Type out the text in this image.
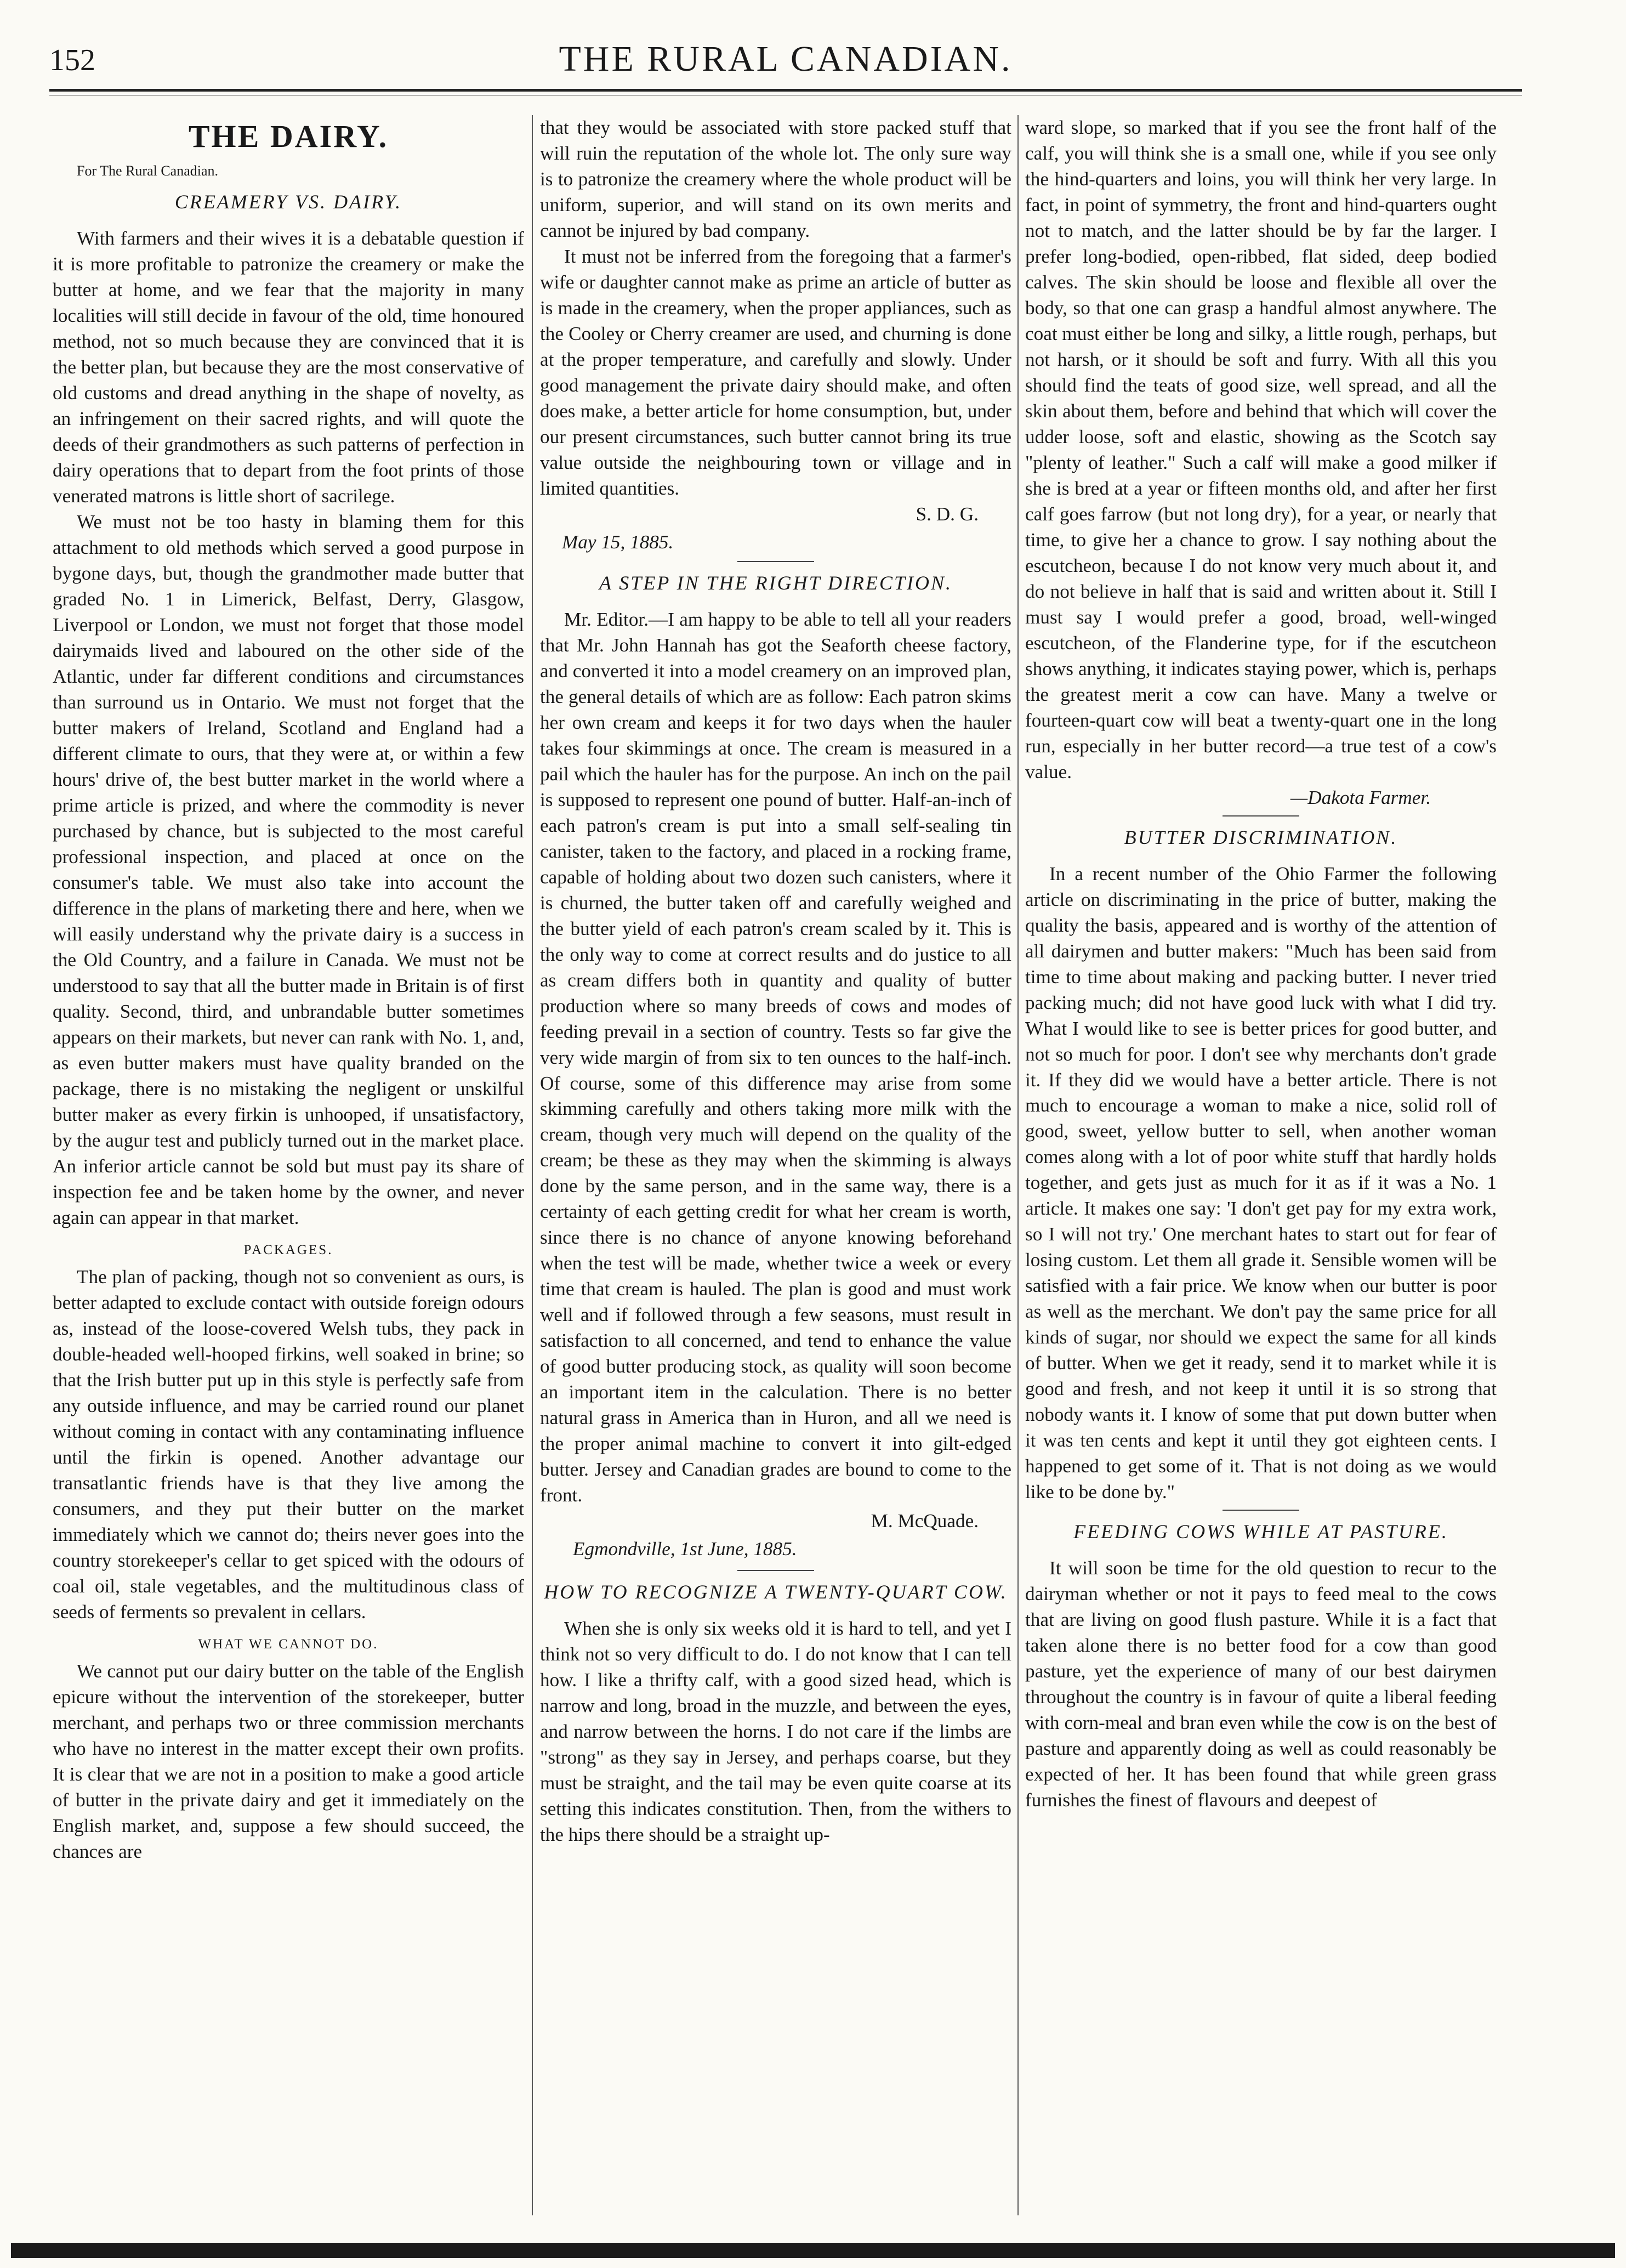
152	THE RURAL CANADIAN.
THE DAIRY.

For The Rural Canadian.

CREAMERY VS. DAIRY.

With farmers and their wives it is a debatable question if it is more profitable to patronize the creamery or make the butter at home, and we fear that the majority in many localities will still decide in favour of the old, time honoured method, not so much because they are convinced that it is the better plan, but because they are the most conservative of old customs and dread anything in the shape of novelty, as an infringement on their sacred rights, and will quote the deeds of their grandmothers as such patterns of perfection in dairy operations that to depart from the foot prints of those venerated matrons is little short of sacrilege.

We must not be too hasty in blaming them for this attachment to old methods which served a good purpose in bygone days, but, though the grandmother made butter that graded No. 1 in Limerick, Belfast, Derry, Glasgow, Liverpool or London, we must not forget that those model dairymaids lived and laboured on the other side of the Atlantic, under far different conditions and circumstances than surround us in Ontario. We must not forget that the butter makers of Ireland, Scotland and England had a different climate to ours, that they were at, or within a few hours' drive of, the best butter market in the world where a prime article is prized, and where the commodity is never purchased by chance, but is subjected to the most careful professional inspection, and placed at once on the consumer's table. We must also take into account the difference in the plans of marketing there and here, when we will easily understand why the private dairy is a success in the Old Country, and a failure in Canada. We must not be understood to say that all the butter made in Britain is of first quality. Second, third, and unbrandable butter sometimes appears on their markets, but never can rank with No. 1, and, as even butter makers must have quality branded on the package, there is no mistaking the negligent or unskilful butter maker as every firkin is unhooped, if unsatisfactory, by the augur test and publicly turned out in the market place. An inferior article cannot be sold but must pay its share of inspection fee and be taken home by the owner, and never again can appear in that market.

PACKAGES.

The plan of packing, though not so convenient as ours, is better adapted to exclude contact with outside foreign odours as, instead of the loose-covered Welsh tubs, they pack in double-headed well-hooped firkins, well soaked in brine; so that the Irish butter put up in this style is perfectly safe from any outside influence, and may be carried round our planet without coming in contact with any contaminating influence until the firkin is opened. Another advantage our transatlantic friends have is that they live among the consumers, and they put their butter on the market immediately which we cannot do; theirs never goes into the country storekeeper's cellar to get spiced with the odours of coal oil, stale vegetables, and the multitudinous class of seeds of ferments so prevalent in cellars.

WHAT WE CANNOT DO.

We cannot put our dairy butter on the table of the English epicure without the intervention of the storekeeper, butter merchant, and perhaps two or three commission merchants who have no interest in the matter except their own profits. It is clear that we are not in a position to make a good article of butter in the private dairy and get it immediately on the English market, and, suppose a few should succeed, the chances are

that they would be associated with store packed stuff that will ruin the reputation of the whole lot. The only sure way is to patronize the creamery where the whole product will be uniform, superior, and will stand on its own merits and cannot be injured by bad company.

It must not be inferred from the foregoing that a farmer's wife or daughter cannot make as prime an article of butter as is made in the creamery, when the proper appliances, such as the Cooley or Cherry creamer are used, and churning is done at the proper temperature, and carefully and slowly. Under good management the private dairy should make, and often does make, a better article for home consumption, but, under our present circumstances, such butter cannot bring its true value outside the neighbouring town or village and in limited quantities.

S. D. G.
May 15, 1885.
A STEP IN THE RIGHT DIRECTION.

Mr. Editor.—I am happy to be able to tell all your readers that Mr. John Hannah has got the Seaforth cheese factory, and converted it into a model creamery on an improved plan, the general details of which are as follow: Each patron skims her own cream and keeps it for two days when the hauler takes four skimmings at once. The cream is measured in a pail which the hauler has for the purpose. An inch on the pail is supposed to represent one pound of butter. Half-an-inch of each patron's cream is put into a small self-sealing tin canister, taken to the factory, and placed in a rocking frame, capable of holding about two dozen such canisters, where it is churned, the butter taken off and carefully weighed and the butter yield of each patron's cream scaled by it. This is the only way to come at correct results and do justice to all as cream differs both in quantity and quality of butter production where so many breeds of cows and modes of feeding prevail in a section of country. Tests so far give the very wide margin of from six to ten ounces to the half-inch. Of course, some of this difference may arise from some skimming carefully and others taking more milk with the cream, though very much will depend on the quality of the cream; be these as they may when the skimming is always done by the same person, and in the same way, there is a certainty of each getting credit for what her cream is worth, since there is no chance of anyone knowing beforehand when the test will be made, whether twice a week or every time that cream is hauled. The plan is good and must work well and if followed through a few seasons, must result in satisfaction to all concerned, and tend to enhance the value of good butter producing stock, as quality will soon become an important item in the calculation. There is no better natural grass in America than in Huron, and all we need is the proper animal machine to convert it into gilt-edged butter. Jersey and Canadian grades are bound to come to the front.

M. McQuade.
Egmondville, 1st June, 1885.
HOW TO RECOGNIZE A TWENTY-QUART COW.

When she is only six weeks old it is hard to tell, and yet I think not so very difficult to do. I do not know that I can tell how. I like a thrifty calf, with a good sized head, which is narrow and long, broad in the muzzle, and between the eyes, and narrow between the horns. I do not care if the limbs are "strong" as they say in Jersey, and perhaps coarse, but they must be straight, and the tail may be even quite coarse at its setting this indicates constitution. Then, from the withers to the hips there should be a straight up-

ward slope, so marked that if you see the front half of the calf, you will think she is a small one, while if you see only the hind-quarters and loins, you will think her very large. In fact, in point of symmetry, the front and hind-quarters ought not to match, and the latter should be by far the larger. I prefer long-bodied, open-ribbed, flat sided, deep bodied calves. The skin should be loose and flexible all over the body, so that one can grasp a handful almost anywhere. The coat must either be long and silky, a little rough, perhaps, but not harsh, or it should be soft and furry. With all this you should find the teats of good size, well spread, and all the skin about them, before and behind that which will cover the udder loose, soft and elastic, showing as the Scotch say "plenty of leather." Such a calf will make a good milker if she is bred at a year or fifteen months old, and after her first calf goes farrow (but not long dry), for a year, or nearly that time, to give her a chance to grow. I say nothing about the escutcheon, because I do not know very much about it, and do not believe in half that is said and written about it. Still I must say I would prefer a good, broad, well-winged escutcheon, of the Flanderine type, for if the escutcheon shows anything, it indicates staying power, which is, perhaps the greatest merit a cow can have. Many a twelve or fourteen-quart cow will beat a twenty-quart one in the long run, especially in her butter record—a true test of a cow's value.

—Dakota Farmer.
BUTTER DISCRIMINATION.

In a recent number of the Ohio Farmer the following article on discriminating in the price of butter, making the quality the basis, appeared and is worthy of the attention of all dairymen and butter makers: "Much has been said from time to time about making and packing butter. I never tried packing much; did not have good luck with what I did try. What I would like to see is better prices for good butter, and not so much for poor. I don't see why merchants don't grade it. If they did we would have a better article. There is not much to encourage a woman to make a nice, solid roll of good, sweet, yellow butter to sell, when another woman comes along with a lot of poor white stuff that hardly holds together, and gets just as much for it as if it was a No. 1 article. It makes one say: 'I don't get pay for my extra work, so I will not try.' One merchant hates to start out for fear of losing custom. Let them all grade it. Sensible women will be satisfied with a fair price. We know when our butter is poor as well as the merchant. We don't pay the same price for all kinds of sugar, nor should we expect the same for all kinds of butter. When we get it ready, send it to market while it is good and fresh, and not keep it until it is so strong that nobody wants it. I know of some that put down butter when it was ten cents and kept it until they got eighteen cents. I happened to get some of it. That is not doing as we would like to be done by."

FEEDING COWS WHILE AT PASTURE.

It will soon be time for the old question to recur to the dairyman whether or not it pays to feed meal to the cows that are living on good flush pasture. While it is a fact that taken alone there is no better food for a cow than good pasture, yet the experience of many of our best dairymen throughout the country is in favour of quite a liberal feeding with corn-meal and bran even while the cow is on the best of pasture and apparently doing as well as could reasonably be expected of her. It has been found that while green grass furnishes the finest of flavours and deepest of
